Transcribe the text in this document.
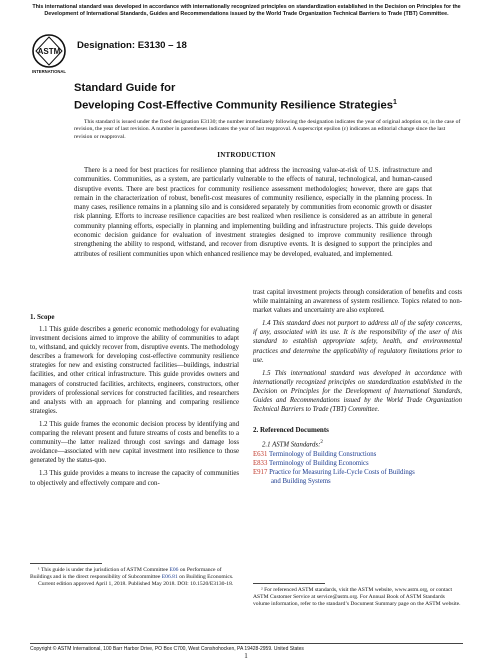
This international standard was developed in accordance with internationally recognized principles on standardization established in the Decision on Principles for the Development of International Standards, Guides and Recommendations issued by the World Trade Organization Technical Barriers to Trade (TBT) Committee.
ASTM
INTERNATIONAL
Designation: E3130 – 18
Standard Guide for
Developing Cost-Effective Community Resilience Strategies$^1$
This standard is issued under the fixed designation E3130; the number immediately following the designation indicates the year of original adoption or, in the case of revision, the year of last revision. A number in parentheses indicates the year of last reapproval. A superscript epsilon (ε) indicates an editorial change since the last revision or reapproval.
INTRODUCTION
There is a need for best practices for resilience planning that address the increasing value-at-risk of U.S. infrastructure and communities. Communities, as a system, are particularly vulnerable to the effects of natural, technological, and human-caused disruptive events. There are best practices for community resilience assessment methodologies; however, there are gaps that remain in the characterization of robust, benefit-cost measures of community resilience, especially in the planning process. In many cases, resilience remains in a planning silo and is considered separately by communities from economic growth or disaster risk planning. Efforts to increase resilience capacities are best realized when resilience is considered as an attribute in general community planning efforts, especially in planning and implementing building and infrastructure projects. This guide develops economic decision guidance for evaluation of investment strategies designed to improve community resilience through strengthening the ability to respond, withstand, and recover from disruptive events. It is designed to support the principles and attributes of resilient communities upon which enhanced resilience may be developed, evaluated, and implemented.
1. Scope

1.1 This guide describes a generic economic methodology for evaluating investment decisions aimed to improve the ability of communities to adapt to, withstand, and quickly recover from, disruptive events. The methodology describes a framework for developing cost-effective community resilience strategies for new and existing constructed facilities—buildings, industrial facilities, and other critical infrastructure. This guide provides owners and managers of constructed facilities, architects, engineers, constructors, other providers of professional services for constructed facilities, and researchers and analysts with an approach for planning and comparing resilience strategies.

1.2 This guide frames the economic decision process by identifying and comparing the relevant present and future streams of costs and benefits to a community—the latter realized through cost savings and damage loss avoidance—associated with new capital investment into resilience to those generated by the status-quo.

1.3 This guide provides a means to increase the capacity of communities to objectively and effectively compare and con-

¹ This guide is under the jurisdiction of ASTM Committee E06 on Performance of Buildings and is the direct responsibility of Subcommittee E06.81 on Building Economics.

Current edition approved April 1, 2018. Published May 2018. DOI: 10.1520/E3130-18.

trast capital investment projects through consideration of benefits and costs while maintaining an awareness of system resilience. Topics related to non-market values and uncertainty are also explored.

1.4 This standard does not purport to address all of the safety concerns, if any, associated with its use. It is the responsibility of the user of this standard to establish appropriate safety, health, and environmental practices and determine the applicability of regulatory limitations prior to use.

1.5 This international standard was developed in accordance with internationally recognized principles on standardization established in the Decision on Principles for the Development of International Standards, Guides and Recommendations issued by the World Trade Organization Technical Barriers to Trade (TBT) Committee.

2. Referenced Documents

2.1 ASTM Standards:$^2$

E631 Terminology of Building Constructions

E833 Terminology of Building Economics

E917 Practice for Measuring Life-Cycle Costs of Buildings
and Building Systems

² For referenced ASTM standards, visit the ASTM website, www.astm.org, or contact ASTM Customer Service at service@astm.org. For Annual Book of ASTM Standards volume information, refer to the standard’s Document Summary page on the ASTM website.

Copyright © ASTM International, 100 Barr Harbor Drive, PO Box C700, West Conshohocken, PA 19428-2959. United States
1
